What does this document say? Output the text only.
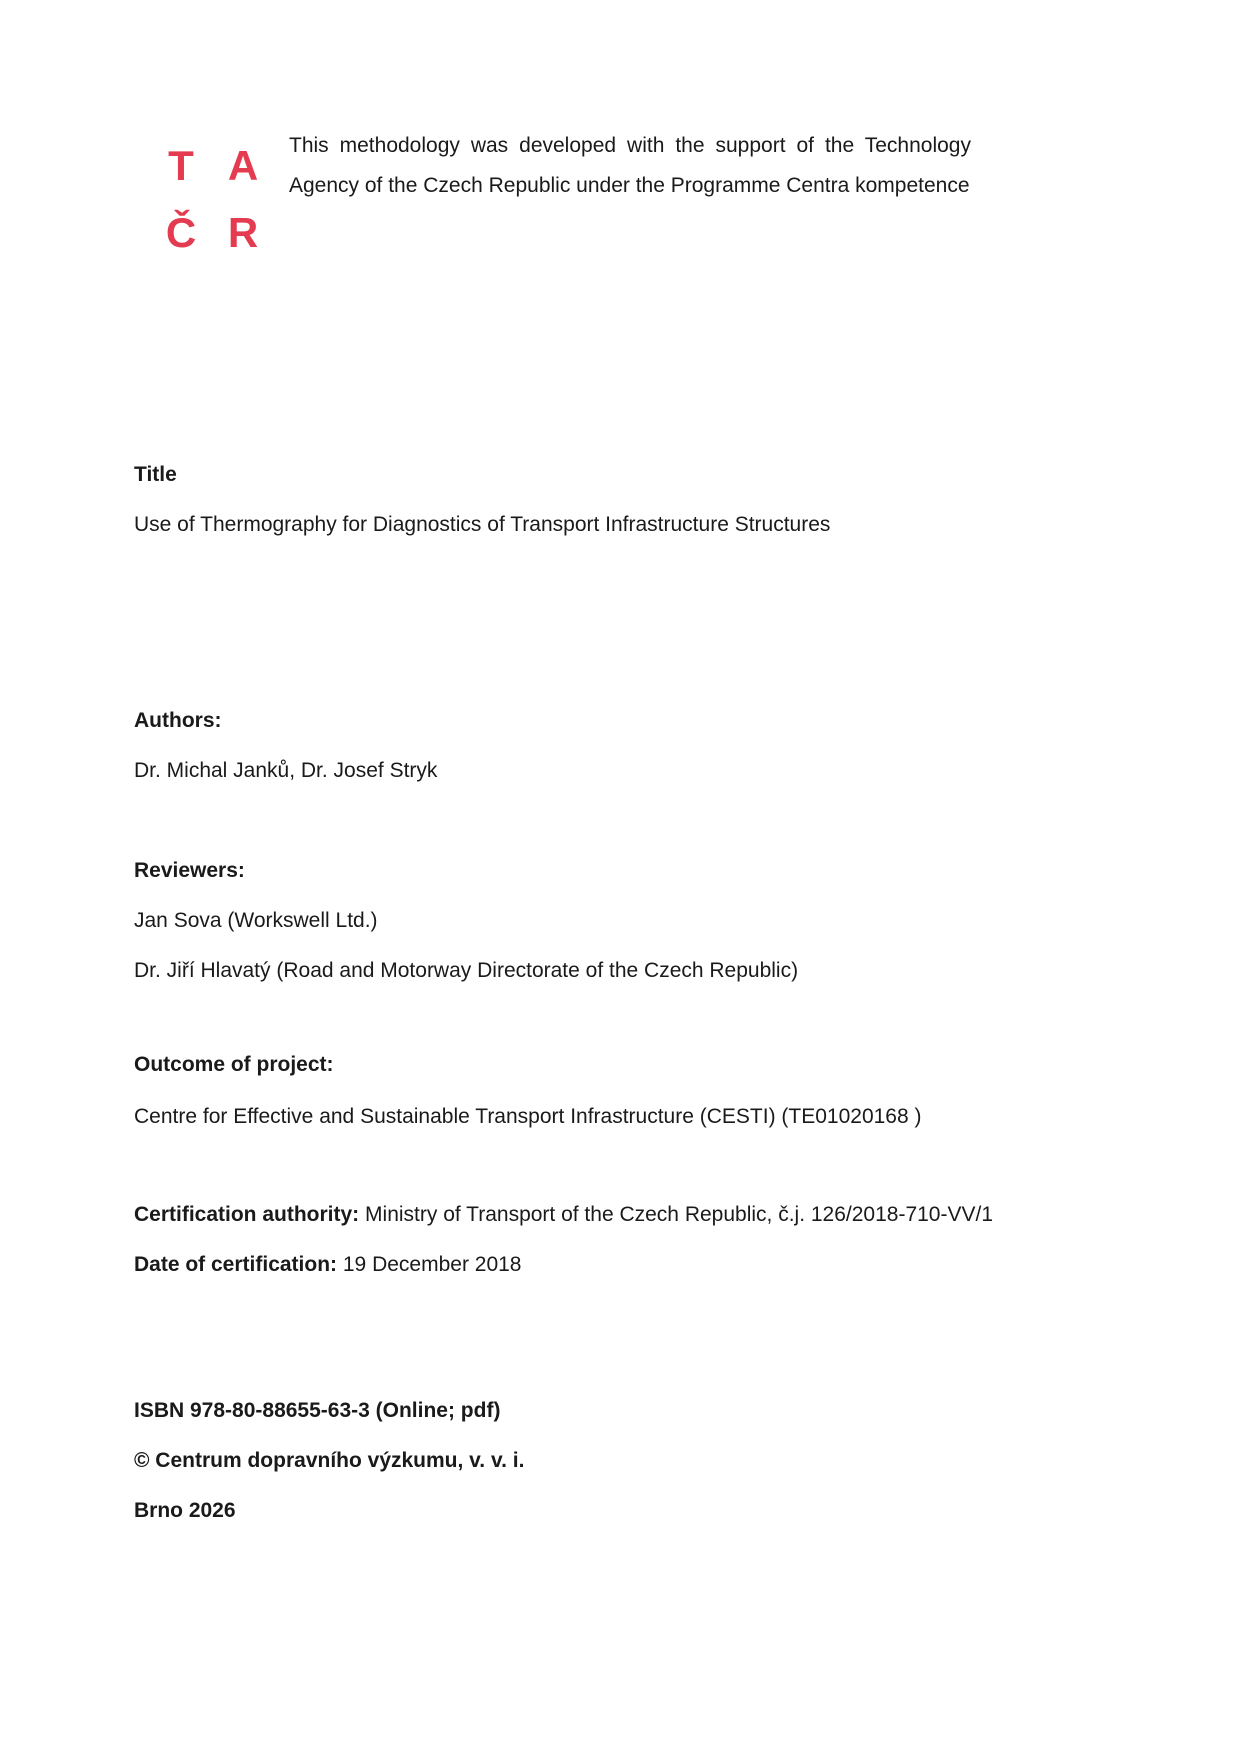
T A
Č R
This methodology was developed with the support of the Technology
Agency of the Czech Republic under the Programme Centra kompetence
Title
Use of Thermography for Diagnostics of Transport Infrastructure Structures
Authors:
Dr. Michal Janků, Dr. Josef Stryk
Reviewers:
Jan Sova (Workswell Ltd.)
Dr. Jiří Hlavatý (Road and Motorway Directorate of the Czech Republic)
Outcome of project:
Centre for Effective and Sustainable Transport Infrastructure (CESTI) (TE01020168 )
Certification authority: Ministry of Transport of the Czech Republic, č.j. 126/2018-710-VV/1
Date of certification: 19 December 2018
ISBN 978-80-88655-63-3 (Online; pdf)
© Centrum dopravního výzkumu, v. v. i.
Brno 2026
